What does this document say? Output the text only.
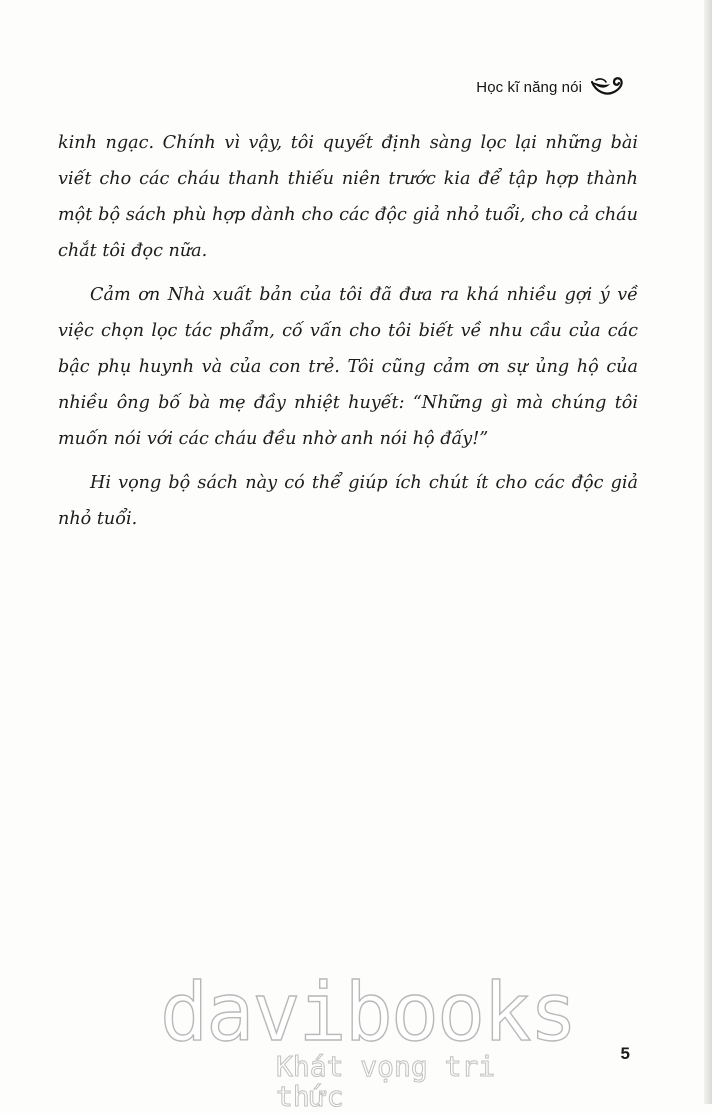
Học kĩ năng nói

kinh ngạc. Chính vì vậy, tôi quyết định sàng lọc lại những bài viết cho các cháu thanh thiếu niên trước kia để tập hợp thành một bộ sách phù hợp dành cho các độc giả nhỏ tuổi, cho cả cháu chắt tôi đọc nữa.

Cảm ơn Nhà xuất bản của tôi đã đưa ra khá nhiều gợi ý về việc chọn lọc tác phẩm, cố vấn cho tôi biết về nhu cầu của các bậc phụ huynh và của con trẻ. Tôi cũng cảm ơn sự ủng hộ của nhiều ông bố bà mẹ đầy nhiệt huyết: “Những gì mà chúng tôi muốn nói với các cháu đều nhờ anh nói hộ đấy!”

Hi vọng bộ sách này có thể giúp ích chút ít cho các độc giả nhỏ tuổi.

davibooks
Khát vọng tri thức
5
